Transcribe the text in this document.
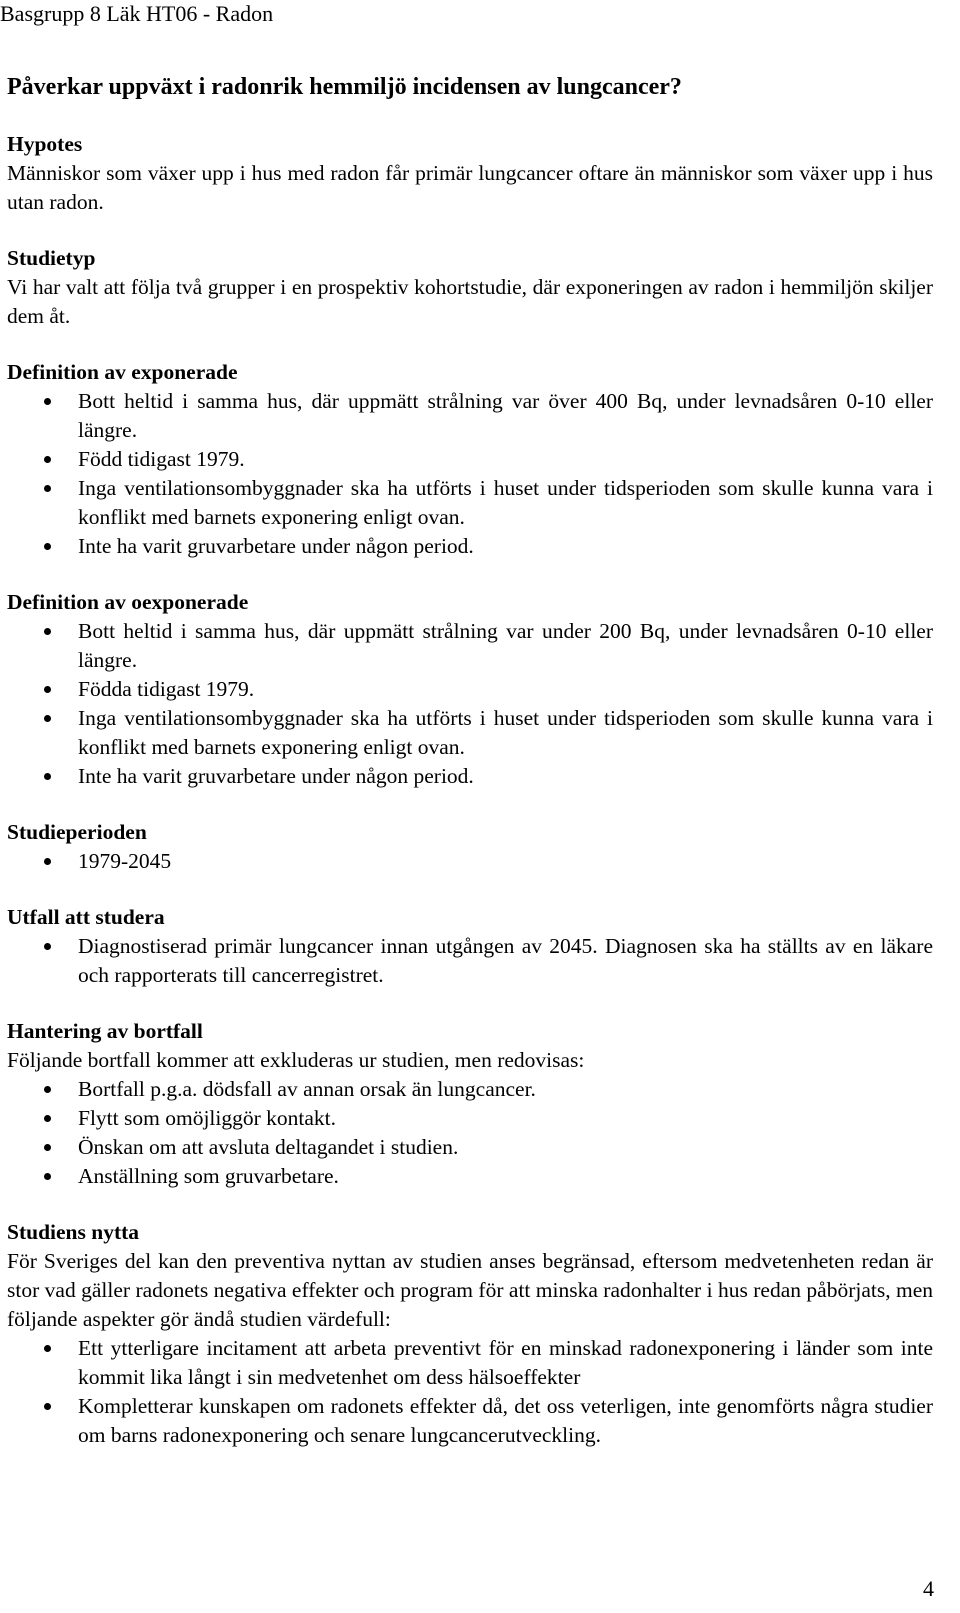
Basgrupp 8 Läk HT06 - Radon
Påverkar uppväxt i radonrik hemmiljö incidensen av lungcancer?
Hypotes

Människor som växer upp i hus med radon får primär lungcancer oftare än människor som växer upp i hus utan radon.

Studietyp

Vi har valt att följa två grupper i en prospektiv kohortstudie, där exponeringen av radon i hemmiljön skiljer dem åt.

Definition av exponerade
Bott heltid i samma hus, där uppmätt strålning var över 400 Bq, under levnadsåren 0-10 eller längre.
Född tidigast 1979.
Inga ventilationsombyggnader ska ha utförts i huset under tidsperioden som skulle kunna vara i konflikt med barnets exponering enligt ovan.
Inte ha varit gruvarbetare under någon period.
Definition av oexponerade
Bott heltid i samma hus, där uppmätt strålning var under 200 Bq, under levnadsåren 0-10 eller längre.
Födda tidigast 1979.
Inga ventilationsombyggnader ska ha utförts i huset under tidsperioden som skulle kunna vara i konflikt med barnets exponering enligt ovan.
Inte ha varit gruvarbetare under någon period.
Studieperioden
1979-2045
Utfall att studera
Diagnostiserad primär lungcancer innan utgången av 2045. Diagnosen ska ha ställts av en läkare och rapporterats till cancerregistret.
Hantering av bortfall

Följande bortfall kommer att exkluderas ur studien, men redovisas:

Bortfall p.g.a. dödsfall av annan orsak än lungcancer.
Flytt som omöjliggör kontakt.
Önskan om att avsluta deltagandet i studien.
Anställning som gruvarbetare.
Studiens nytta

För Sveriges del kan den preventiva nyttan av studien anses begränsad, eftersom medvetenheten redan är stor vad gäller radonets negativa effekter och program för att minska radonhalter i hus redan påbörjats, men följande aspekter gör ändå studien värdefull:

Ett ytterligare incitament att arbeta preventivt för en minskad radonexponering i länder som inte kommit lika långt i sin medvetenhet om dess hälsoeffekter
Kompletterar kunskapen om radonets effekter då, det oss veterligen, inte genomförts några studier om barns radonexponering och senare lungcancerutveckling.
4
